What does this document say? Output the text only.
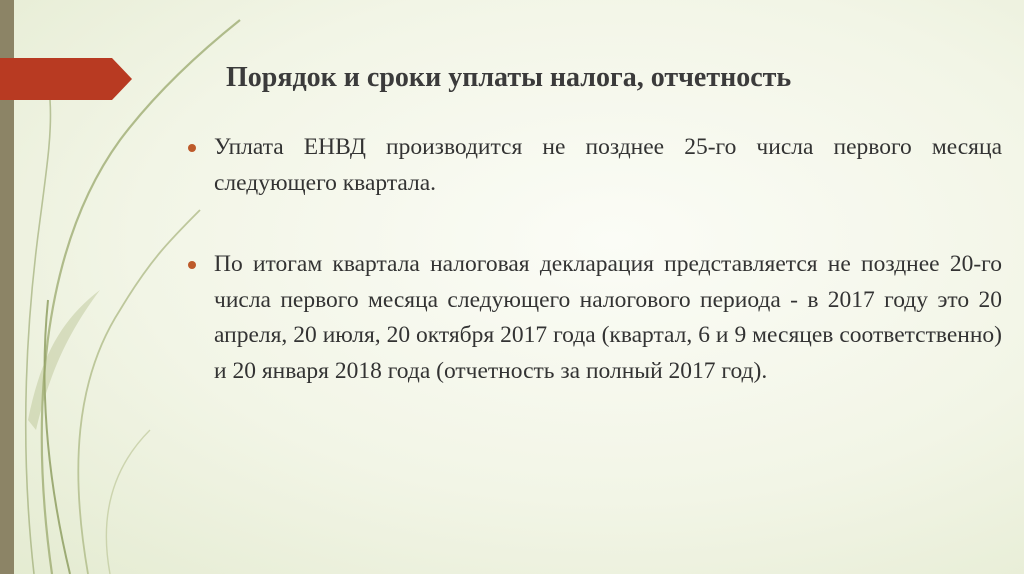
Порядок и сроки уплаты налога, отчетность
Уплата ЕНВД производится не позднее 25-го числа первого месяца следующего квартала.
По итогам квартала налоговая декларация представляется не позднее 20-го числа первого месяца следующего налогового периода - в 2017 году это 20 апреля, 20 июля, 20 октября 2017 года (квартал, 6 и 9 месяцев соответственно) и 20 января 2018 года (отчетность за полный 2017 год).
